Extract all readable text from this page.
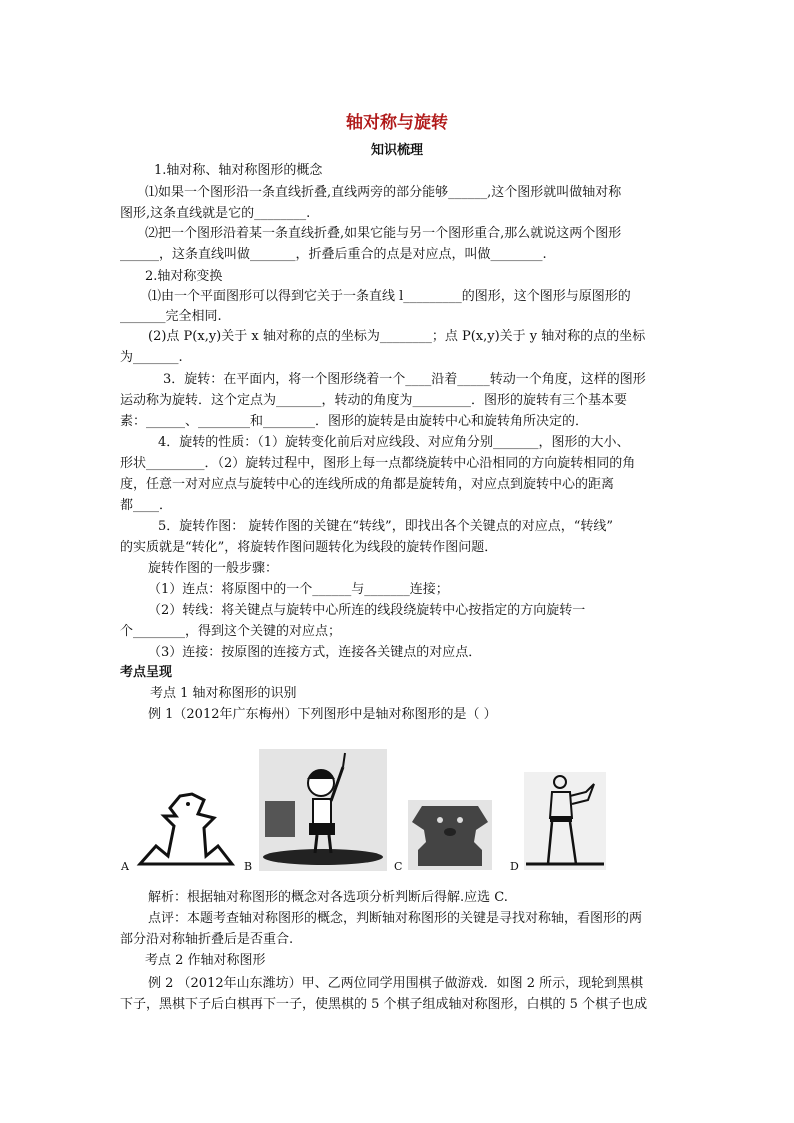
轴对称与旋转
知识梳理
1.轴对称、轴对称图形的概念
⑴如果一个图形沿一条直线折叠,直线两旁的部分能够______,这个图形就叫做轴对称
图形,这条直线就是它的________.
⑵把一个图形沿着某一条直线折叠,如果它能与另一个图形重合,那么就说这两个图形
______，这条直线叫做_______，折叠后重合的点是对应点，叫做________.
2.轴对称变换
⑴由一个平面图形可以得到它关于一条直线 l_________的图形，这个图形与原图形的
_______完全相同.
(2)点 P(x,y)关于 x 轴对称的点的坐标为________；点 P(x,y)关于 y 轴对称的点的坐标
为_______.
3．旋转：在平面内，将一个图形绕着一个____沿着_____转动一个角度，这样的图形
运动称为旋转．这个定点为_______，转动的角度为_________．图形的旋转有三个基本要
素：______、________和________．图形的旋转是由旋转中心和旋转角所决定的．
4．旋转的性质：（1）旋转变化前后对应线段、对应角分别_______，图形的大小、
形状_________．（2）旋转过程中，图形上每一点都绕旋转中心沿相同的方向旋转相同的角
度，任意一对对应点与旋转中心的连线所成的角都是旋转角，对应点到旋转中心的距离
都____．
5．旋转作图： 旋转作图的关键在“转线”，即找出各个关键点的对应点，“转线”
的实质就是“转化”，将旋转作图问题转化为线段的旋转作图问题．
旋转作图的一般步骤：
（1）连点：将原图中的一个______与_______连接；
（2）转线：将关键点与旋转中心所连的线段绕旋转中心按指定的方向旋转一
个________，得到这个关键的对应点；
（3）连接：按原图的连接方式，连接各关键点的对应点．
考点呈现
考点 1 轴对称图形的识别
例 1（2012年广东梅州）下列图形中是轴对称图形的是（ ）
A	B	C	D
解析：根据轴对称图形的概念对各选项分析判断后得解.应选 C.
点评：本题考查轴对称图形的概念，判断轴对称图形的关键是寻找对称轴，看图形的两
部分沿对称轴折叠后是否重合.
考点 2 作轴对称图形
例 2 （2012年山东潍坊）甲、乙两位同学用围棋子做游戏．如图 2 所示，现轮到黑棋
下子，黑棋下子后白棋再下一子，使黑棋的 5 个棋子组成轴对称图形，白棋的 5 个棋子也成
